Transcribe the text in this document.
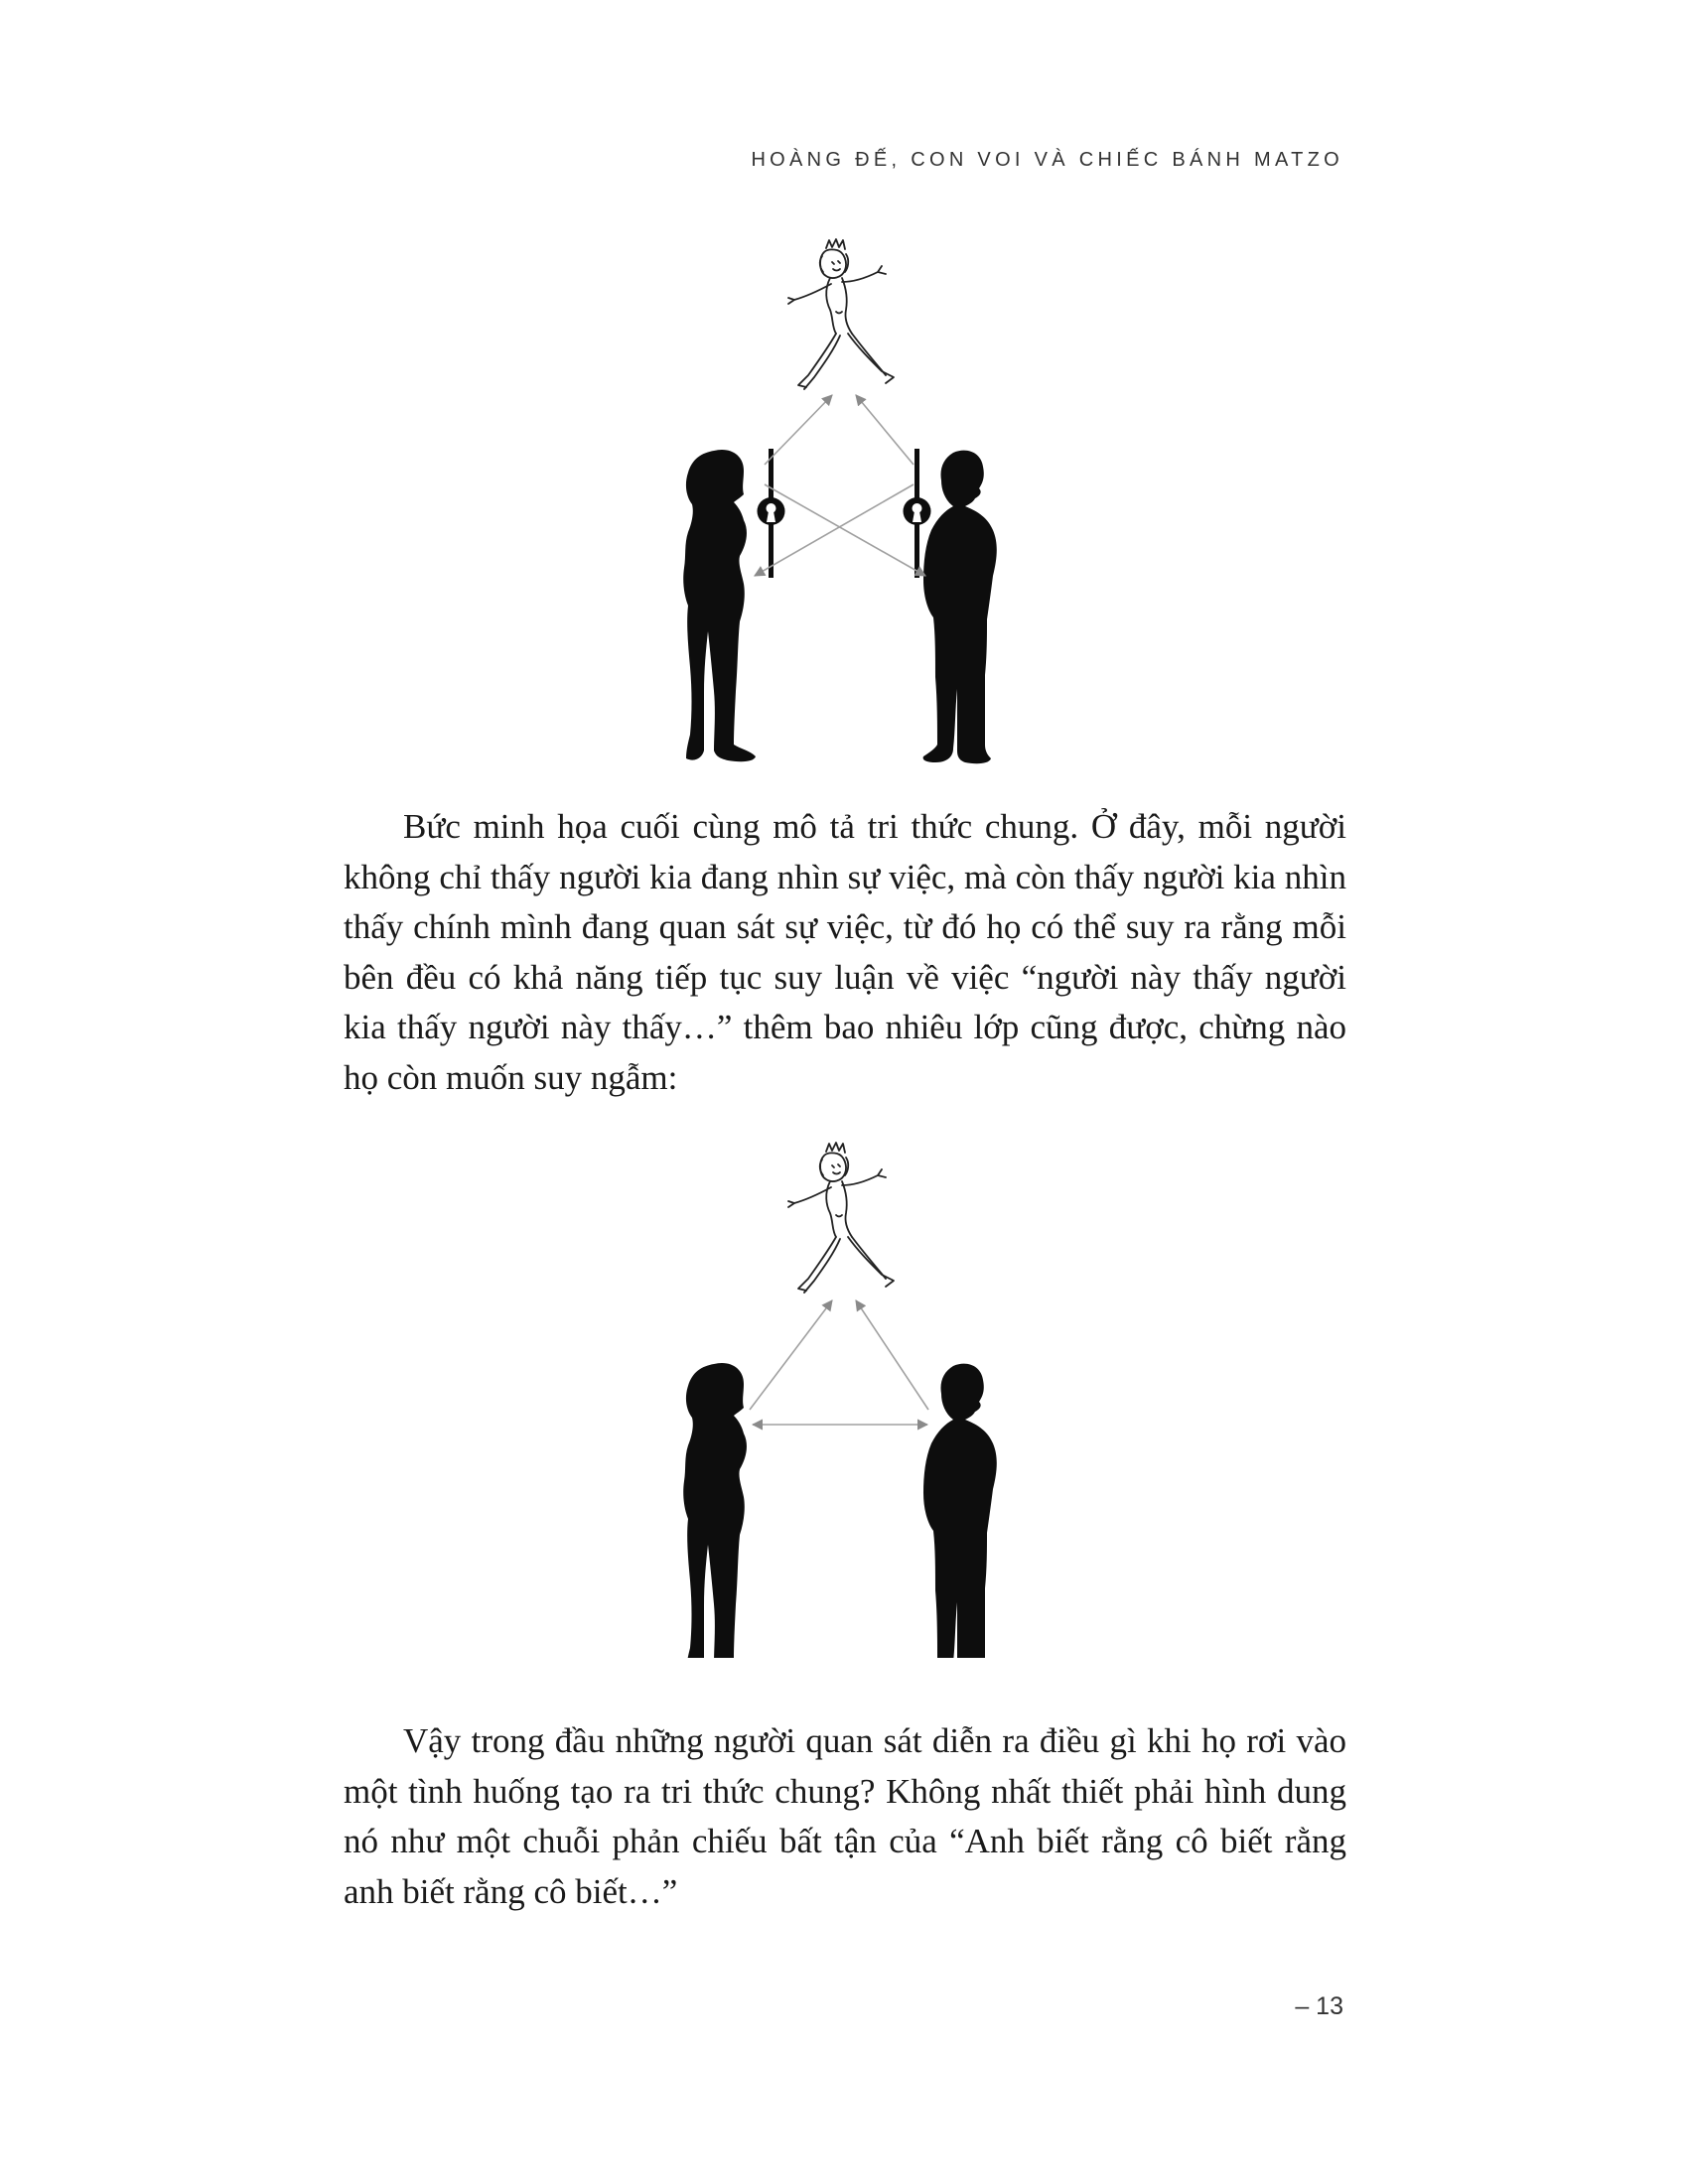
HOÀNG ĐẾ, CON VOI VÀ CHIẾC BÁNH MATZO

Bức minh họa cuối cùng mô tả tri thức chung. Ở đây, mỗi người không chỉ thấy người kia đang nhìn sự việc, mà còn thấy người kia nhìn thấy chính mình đang quan sát sự việc, từ đó họ có thể suy ra rằng mỗi bên đều có khả năng tiếp tục suy luận về việc “người này thấy người kia thấy người này thấy…” thêm bao nhiêu lớp cũng được, chừng nào họ còn muốn suy ngẫm:

Vậy trong đầu những người quan sát diễn ra điều gì khi họ rơi vào một tình huống tạo ra tri thức chung? Không nhất thiết phải hình dung nó như một chuỗi phản chiếu bất tận của “Anh biết rằng cô biết rằng anh biết rằng cô biết…”

– 13
